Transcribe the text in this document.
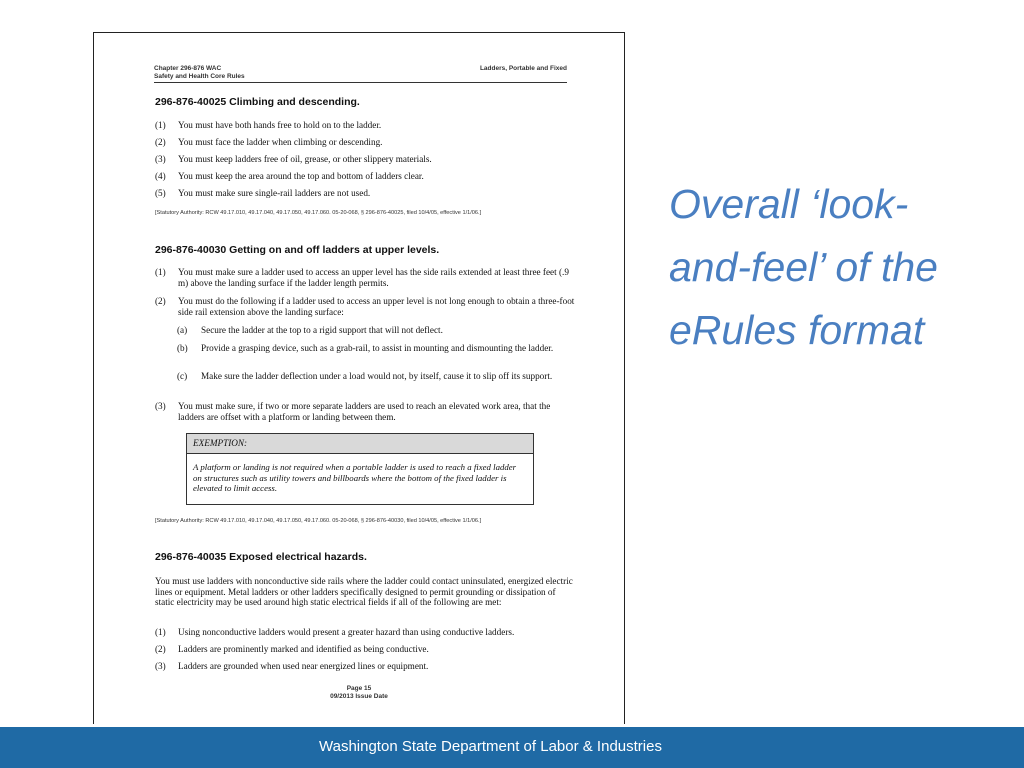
Chapter 296-876 WAC
Safety and Health Core Rules
Ladders, Portable and Fixed
296-876-40025 Climbing and descending.
(1) You must have both hands free to hold on to the ladder.
(2) You must face the ladder when climbing or descending.
(3) You must keep ladders free of oil, grease, or other slippery materials.
(4) You must keep the area around the top and bottom of ladders clear.
(5) You must make sure single-rail ladders are not used.
[Statutory Authority: RCW 49.17.010, 49.17.040, 49.17.050, 49.17.060. 05-20-068, § 296-876-40025, filed 10/4/05, effective 1/1/06.]
296-876-40030 Getting on and off ladders at upper levels.
(1) You must make sure a ladder used to access an upper level has the side rails extended at least three feet (.9 m) above the landing surface if the ladder length permits.
(2) You must do the following if a ladder used to access an upper level is not long enough to obtain a three-foot side rail extension above the landing surface:
(a) Secure the ladder at the top to a rigid support that will not deflect.
(b) Provide a grasping device, such as a grab-rail, to assist in mounting and dismounting the ladder.
(c) Make sure the ladder deflection under a load would not, by itself, cause it to slip off its support.
(3) You must make sure, if two or more separate ladders are used to reach an elevated work area, that the ladders are offset with a platform or landing between them.
EXEMPTION:
A platform or landing is not required when a portable ladder is used to reach a fixed ladder on structures such as utility towers and billboards where the bottom of the fixed ladder is elevated to limit access.
[Statutory Authority: RCW 49.17.010, 49.17.040, 49.17.050, 49.17.060. 05-20-068, § 296-876-40030, filed 10/4/05, effective 1/1/06.]
296-876-40035 Exposed electrical hazards.
You must use ladders with nonconductive side rails where the ladder could contact uninsulated, energized electric lines or equipment. Metal ladders or other ladders specifically designed to permit grounding or dissipation of static electricity may be used around high static electrical fields if all of the following are met:
(1) Using nonconductive ladders would present a greater hazard than using conductive ladders.
(2) Ladders are prominently marked and identified as being conductive.
(3) Ladders are grounded when used near energized lines or equipment.
Page 15
09/2013 Issue Date
Overall ‘look-
and-feel’ of the
eRules format
Washington State Department of Labor & Industries
